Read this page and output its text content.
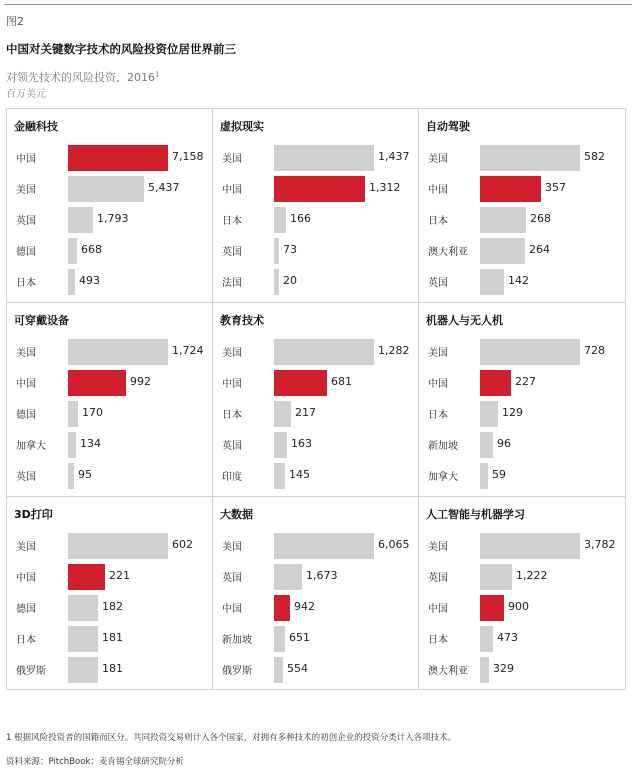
图2
中国对关键数字技术的风险投资位居世界前三
对领先技术的风险投资，2016$^1$
百万美元
金融科技
中国	7,158
美国	5,437
英国	1,793
德国	668
日本	493
虚拟现实
美国	1,437
中国	1,312
日本	166
英国	73
法国	20
自动驾驶
美国	582
中国	357
日本	268
澳大利亚	264
英国	142
可穿戴设备
美国	1,724
中国	992
德国	170
加拿大	134
英国	95
教育技术
美国	1,282
中国	681
日本	217
英国	163
印度	145
机器人与无人机
美国	728
中国	227
日本	129
新加坡	96
加拿大	59
3D打印
美国	602
中国	221
德国	182
日本	181
俄罗斯	181
大数据
美国	6,065
英国	1,673
中国	942
新加坡	651
俄罗斯	554
人工智能与机器学习
美国	3,782
英国	1,222
中国	900
日本	473
澳大利亚 329
1 根据风险投资者的国籍而区分。共同投资交易则计入各个国家，对拥有多种技术的初创企业的投资分类计入各项技术。
资料来源：PitchBook；麦肯锡全球研究院分析
